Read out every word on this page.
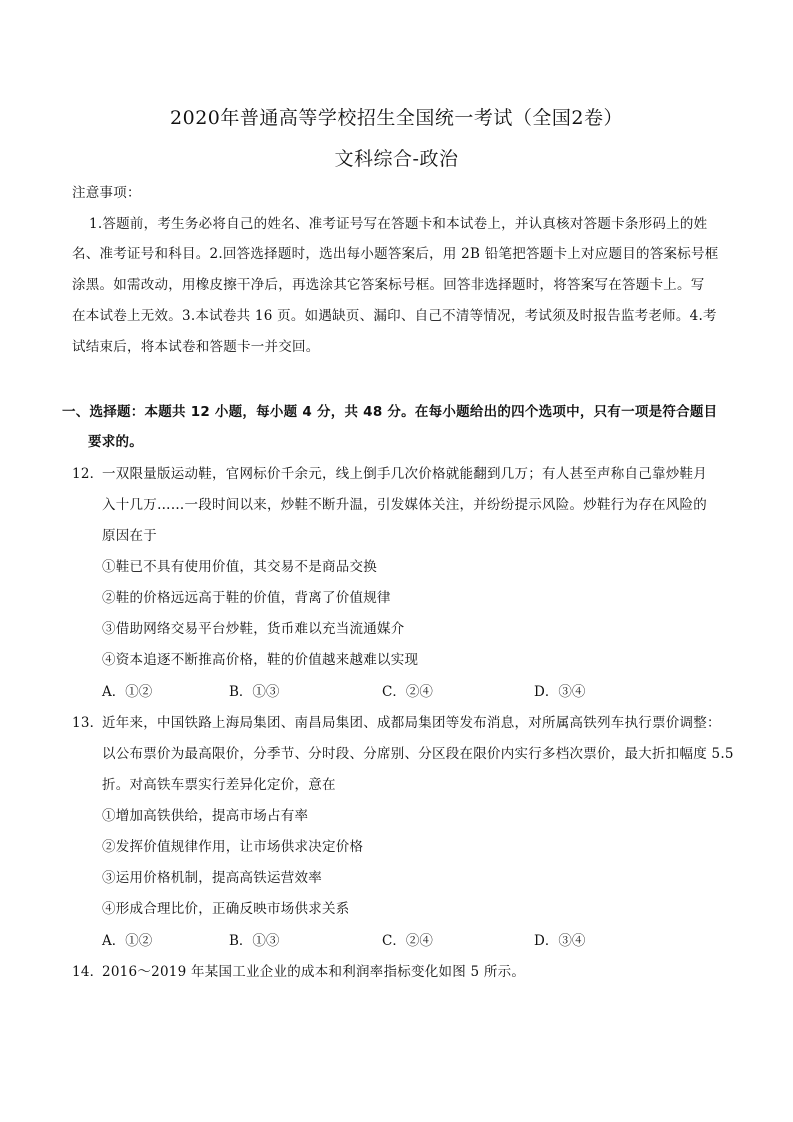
2020年普通高等学校招生全国统一考试（全国2卷）
文科综合-政治
注意事项：
1.答题前，考生务必将自己的姓名、准考证号写在答题卡和本试卷上，并认真核对答题卡条形码上的姓
名、准考证号和科目。2.回答选择题时，选出每小题答案后，用 2B 铅笔把答题卡上对应题目的答案标号框
涂黑。如需改动，用橡皮擦干净后，再选涂其它答案标号框。回答非选择题时，将答案写在答题卡上。写
在本试卷上无效。3.本试卷共 16 页。如遇缺页、漏印、自己不清等情况，考试须及时报告监考老师。4.考
试结束后，将本试卷和答题卡一并交回。
一、选择题：本题共 12 小题，每小题 4 分，共 48 分。在每小题给出的四个选项中，只有一项是符合题目
要求的。
12．一双限量版运动鞋，官网标价千余元，线上倒手几次价格就能翻到几万；有人甚至声称自己靠炒鞋月
入十几万……一段时间以来，炒鞋不断升温，引发媒体关注，并纷纷提示风险。炒鞋行为存在风险的
原因在于
①鞋已不具有使用价值，其交易不是商品交换
②鞋的价格远远高于鞋的价值，背离了价值规律
③借助网络交易平台炒鞋，货币难以充当流通媒介
④资本追逐不断推高价格，鞋的价值越来越难以实现
A．①②	B．①③	C．②④	D．③④
13．近年来，中国铁路上海局集团、南昌局集团、成都局集团等发布消息，对所属高铁列车执行票价调整：
以公布票价为最高限价，分季节、分时段、分席别、分区段在限价内实行多档次票价，最大折扣幅度 5.5
折。对高铁车票实行差异化定价，意在
①增加高铁供给，提高市场占有率
②发挥价值规律作用，让市场供求决定价格
③运用价格机制，提高高铁运营效率
④形成合理比价，正确反映市场供求关系
A．①②	B．①③	C．②④	D．③④
14．2016～2019 年某国工业企业的成本和利润率指标变化如图 5 所示。
